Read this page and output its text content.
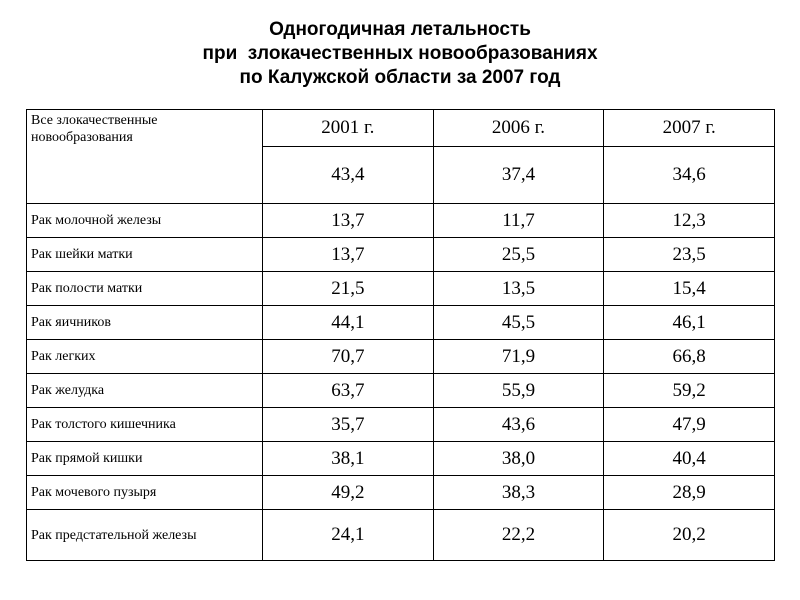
Одногодичная летальность
при  злокачественных новообразованиях
по Калужской области за 2007 год
Все злокачественные новообразования	2001 г.	2006 г.	2007 г.
	43,4	37,4	34,6
Рак молочной железы	13,7	11,7	12,3
Рак шейки матки	13,7	25,5	23,5
Рак полости матки	21,5	13,5	15,4
Рак яичников	44,1	45,5	46,1
Рак легких	70,7	71,9	66,8
Рак желудка	63,7	55,9	59,2
Рак толстого кишечника	35,7	43,6	47,9
Рак прямой кишки	38,1	38,0	40,4
Рак мочевого пузыря	49,2	38,3	28,9
Рак предстательной железы	24,1	22,2	20,2
